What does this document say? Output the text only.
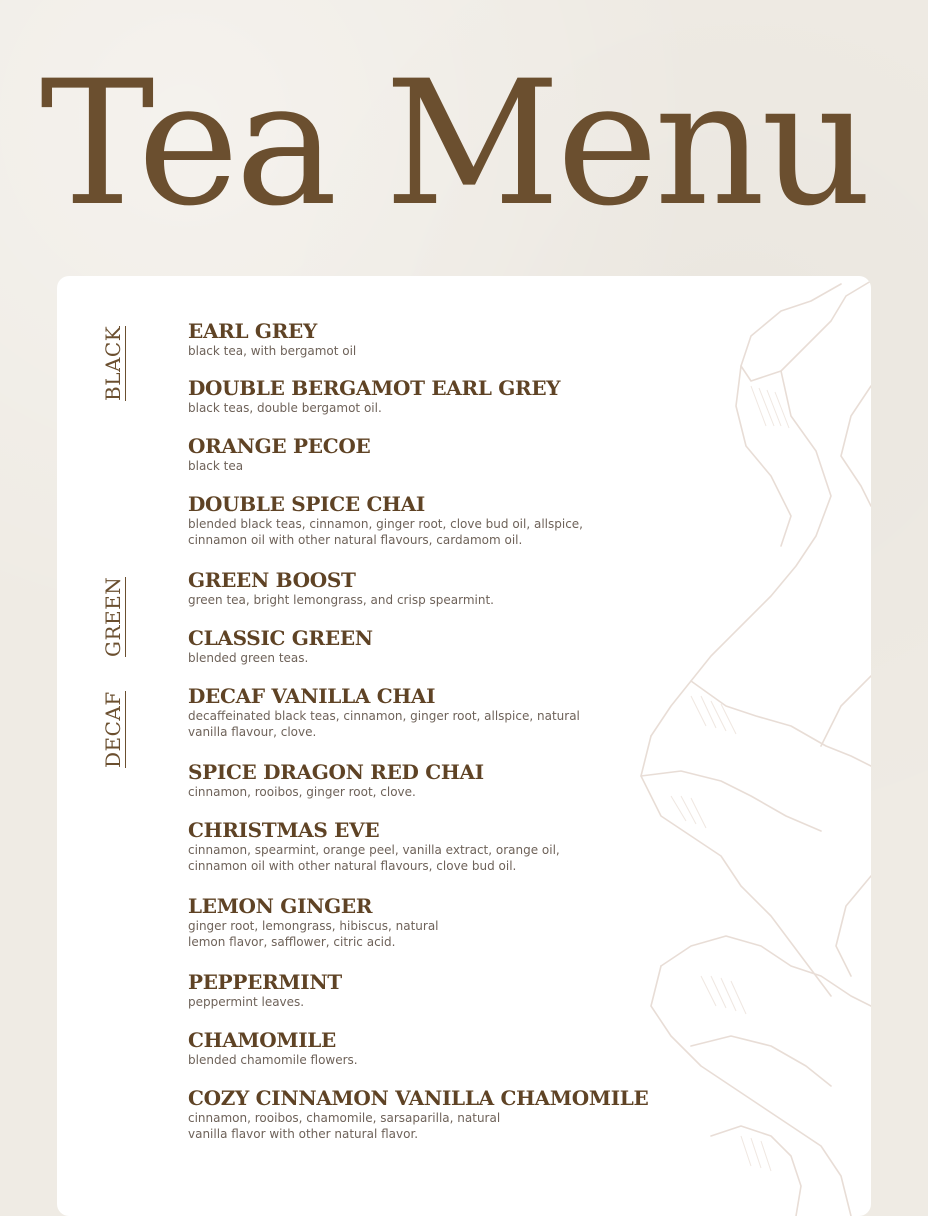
Tea Menu
BLACK
GREEN
DECAF
EARL GREY
black tea, with bergamot oil
DOUBLE BERGAMOT EARL GREY
black teas, double bergamot oil.
ORANGE PECOE
black tea
DOUBLE SPICE CHAI
blended black teas, cinnamon, ginger root, clove bud oil, allspice,
cinnamon oil with other natural flavours, cardamom oil.
GREEN BOOST
green tea, bright lemongrass, and crisp spearmint.
CLASSIC GREEN
blended green teas.
DECAF VANILLA CHAI
decaffeinated black teas, cinnamon, ginger root, allspice, natural
vanilla flavour, clove.
SPICE DRAGON RED CHAI
cinnamon, rooibos, ginger root, clove.
CHRISTMAS EVE
cinnamon, spearmint, orange peel, vanilla extract, orange oil,
cinnamon oil with other natural flavours, clove bud oil.
LEMON GINGER
ginger root, lemongrass, hibiscus, natural
lemon flavor, safflower, citric acid.
PEPPERMINT
peppermint leaves.
CHAMOMILE
blended chamomile flowers.
COZY CINNAMON VANILLA CHAMOMILE
cinnamon, rooibos, chamomile, sarsaparilla, natural
vanilla flavor with other natural flavor.
